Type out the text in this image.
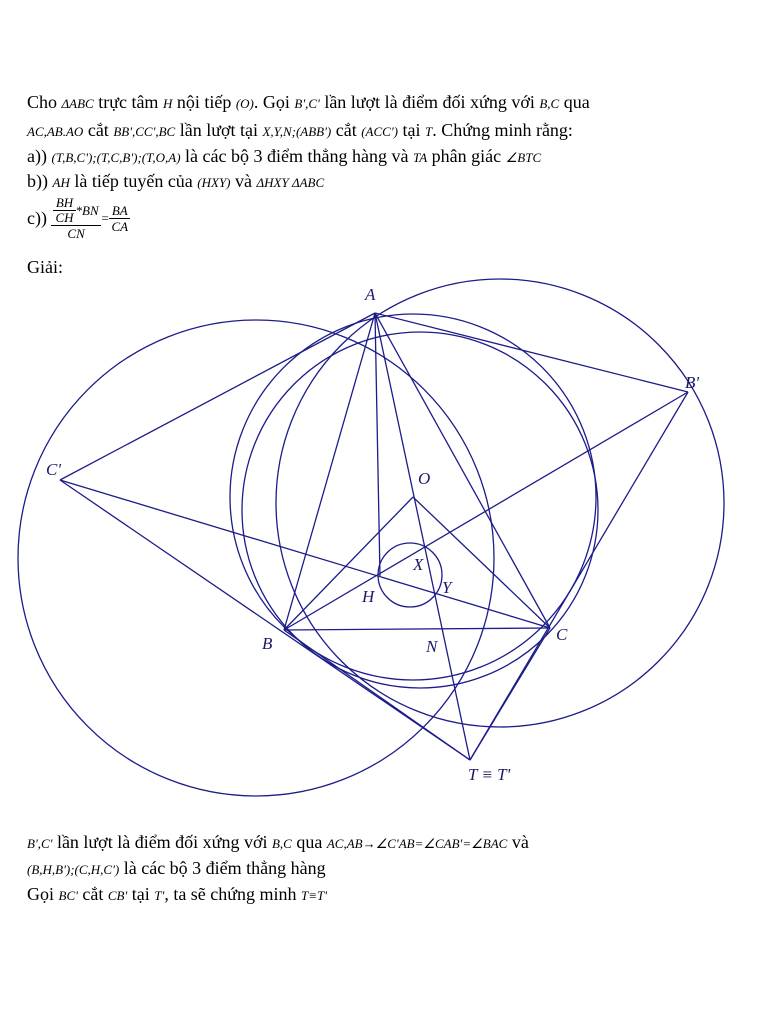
Cho ΔABC trực tâm H nội tiếp (O). Gọi B',C' lần lượt là điểm đối xứng với B,C qua
AC,AB.AO cắt BB',CC',BC lần lượt tại X,Y,N;(ABB') cắt (ACC') tại T. Chứng minh rằng:
a)) (T,B,C');(T,C,B');(T,O,A) là các bộ 3 điểm thẳng hàng và TA phân giác ∠BTC
b)) AH là tiếp tuyến của (HXY) và ΔHXY ΔABC
$c)) \frac{\frac{BH}{CH} *BN}{CN} = \frac{BA}{CA}$
Giải:
A
B'
C'	O
X
Y
H
B	C
N
T ≡ T'
B',C' lần lượt là điểm đối xứng với B,C qua AC,AB→∠C'AB=∠CAB'=∠BAC và
(B,H,B');(C,H,C') là các bộ 3 điểm thẳng hàng
Gọi BC' cắt CB' tại T', ta sẽ chứng minh T≡T'
